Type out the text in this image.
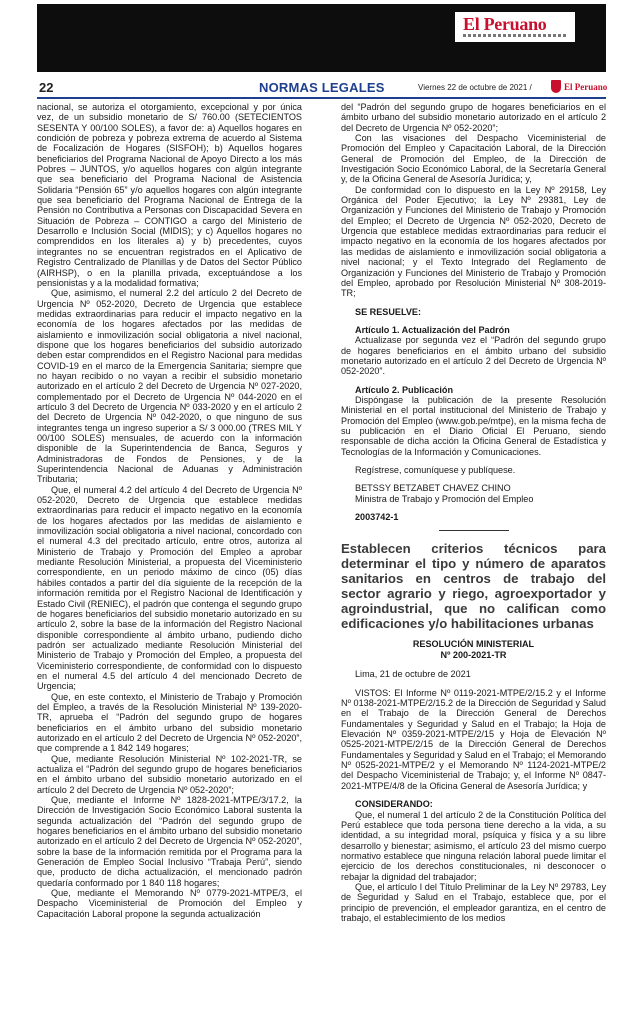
El Peruano
22	NORMAS LEGALES	Viernes 22 de octubre de 2021 /	El Peruano

nacional, se autoriza el otorgamiento, excepcional y por única vez, de un subsidio monetario de S/ 760.00 (SETECIENTOS SESENTA Y 00/100 SOLES), a favor de: a) Aquellos hogares en condición de pobreza y pobreza extrema de acuerdo al Sistema de Focalización de Hogares (SISFOH); b) Aquellos hogares beneficiarios del Programa Nacional de Apoyo Directo a los más Pobres – JUNTOS, y/o aquellos hogares con algún integrante que sea beneficiario del Programa Nacional de Asistencia Solidaria “Pensión 65” y/o aquellos hogares con algún integrante que sea beneficiario del Programa Nacional de Entrega de la Pensión no Contributiva a Personas con Discapacidad Severa en Situación de Pobreza – CONTIGO a cargo del Ministerio de Desarrollo e Inclusión Social (MIDIS); y c) Aquellos hogares no comprendidos en los literales a) y b) precedentes, cuyos integrantes no se encuentran registrados en el Aplicativo de Registro Centralizado de Planillas y de Datos del Sector Público (AIRHSP), o en la planilla privada, exceptuándose a los pensionistas y a la modalidad formativa;

Que, asimismo, el numeral 2.2 del artículo 2 del Decreto de Urgencia Nº 052-2020, Decreto de Urgencia que establece medidas extraordinarias para reducir el impacto negativo en la economía de los hogares afectados por las medidas de aislamiento e inmovilización social obligatoria a nivel nacional, dispone que los hogares beneficiarios del subsidio autorizado deben estar comprendidos en el Registro Nacional para medidas COVID-19 en el marco de la Emergencia Sanitaria; siempre que no hayan recibido o no vayan a recibir el subsidio monetario autorizado en el artículo 2 del Decreto de Urgencia Nº 027-2020, complementado por el Decreto de Urgencia Nº 044-2020 en el artículo 3 del Decreto de Urgencia Nº 033-2020 y en el artículo 2 del Decreto de Urgencia Nº 042-2020, o que ninguno de sus integrantes tenga un ingreso superior a S/ 3 000.00 (TRES MIL Y 00/100 SOLES) mensuales, de acuerdo con la información disponible de la Superintendencia de Banca, Seguros y Administradoras de Fondos de Pensiones, y de la Superintendencia Nacional de Aduanas y Administración Tributaria;

Que, el numeral 4.2 del artículo 4 del Decreto de Urgencia Nº 052-2020, Decreto de Urgencia que establece medidas extraordinarias para reducir el impacto negativo en la economía de los hogares afectados por las medidas de aislamiento e inmovilización social obligatoria a nivel nacional, concordado con el numeral 4.3 del precitado artículo, entre otros, autoriza al Ministerio de Trabajo y Promoción del Empleo a aprobar mediante Resolución Ministerial, a propuesta del Viceministerio correspondiente, en un periodo máximo de cinco (05) días hábiles contados a partir del día siguiente de la recepción de la información remitida por el Registro Nacional de Identificación y Estado Civil (RENIEC), el padrón que contenga el segundo grupo de hogares beneficiarios del subsidio monetario autorizado en su artículo 2, sobre la base de la información del Registro Nacional disponible correspondiente al ámbito urbano, pudiendo dicho padrón ser actualizado mediante Resolución Ministerial del Ministerio de Trabajo y Promoción del Empleo, a propuesta del Viceministerio correspondiente, de conformidad con lo dispuesto en el numeral 4.5 del artículo 4 del mencionado Decreto de Urgencia;

Que, en este contexto, el Ministerio de Trabajo y Promoción del Empleo, a través de la Resolución Ministerial Nº 139-2020-TR, aprueba el “Padrón del segundo grupo de hogares beneficiarios en el ámbito urbano del subsidio monetario autorizado en el artículo 2 del Decreto de Urgencia Nº 052-2020”, que comprende a 1 842 149 hogares;

Que, mediante Resolución Ministerial Nº 102-2021-TR, se actualiza el “Padrón del segundo grupo de hogares beneficiarios en el ámbito urbano del subsidio monetario autorizado en el artículo 2 del Decreto de Urgencia Nº 052-2020”;

Que, mediante el Informe Nº 1828-2021-MTPE/3/17.2, la Dirección de Investigación Socio Económico Laboral sustenta la segunda actualización del “Padrón del segundo grupo de hogares beneficiarios en el ámbito urbano del subsidio monetario autorizado en el artículo 2 del Decreto de Urgencia Nº 052-2020”, sobre la base de la información remitida por el Programa para la Generación de Empleo Social Inclusivo “Trabaja Perú”, siendo que, producto de dicha actualización, el mencionado padrón quedaría conformado por 1 840 118 hogares;

Que, mediante el Memorando Nº 0779-2021-MTPE/3, el Despacho Viceministerial de Promoción del Empleo y Capacitación Laboral propone la segunda actualización

del “Padrón del segundo grupo de hogares beneficiarios en el ámbito urbano del subsidio monetario autorizado en el artículo 2 del Decreto de Urgencia Nº 052-2020”;

Con las visaciones del Despacho Viceministerial de Promoción del Empleo y Capacitación Laboral, de la Dirección General de Promoción del Empleo, de la Dirección de Investigación Socio Económico Laboral, de la Secretaría General y, de la Oficina General de Asesoría Jurídica; y,

De conformidad con lo dispuesto en la Ley Nº 29158, Ley Orgánica del Poder Ejecutivo; la Ley Nº 29381, Ley de Organización y Funciones del Ministerio de Trabajo y Promoción del Empleo; el Decreto de Urgencia Nº 052-2020, Decreto de Urgencia que establece medidas extraordinarias para reducir el impacto negativo en la economía de los hogares afectados por las medidas de aislamiento e inmovilización social obligatoria a nivel nacional; y el Texto Integrado del Reglamento de Organización y Funciones del Ministerio de Trabajo y Promoción del Empleo, aprobado por Resolución Ministerial Nº 308-2019-TR;

SE RESUELVE:

Artículo 1. Actualización del Padrón

Actualizase por segunda vez el “Padrón del segundo grupo de hogares beneficiarios en el ámbito urbano del subsidio monetario autorizado en el artículo 2 del Decreto de Urgencia Nº 052-2020”.

Artículo 2. Publicación

Dispóngase la publicación de la presente Resolución Ministerial en el portal institucional del Ministerio de Trabajo y Promoción del Empleo (www.gob.pe/mtpe), en la misma fecha de su publicación en el Diario Oficial El Peruano, siendo responsable de dicha acción la Oficina General de Estadística y Tecnologías de la Información y Comunicaciones.

Regístrese, comuníquese y publíquese.

BETSSY BETZABET CHAVEZ CHINO

Ministra de Trabajo y Promoción del Empleo

2003742-1

Establecen criterios técnicos para determinar el tipo y número de aparatos sanitarios en centros de trabajo del sector agrario y riego, agroexportador y agroindustrial, que no califican como edificaciones y/o habilitaciones urbanas

RESOLUCIÓN MINISTERIAL

Nº 200-2021-TR

Lima, 21 de octubre de 2021

VISTOS: El Informe Nº 0119-2021-MTPE/2/15.2 y el Informe Nº 0138-2021-MTPE/2/15.2 de la Dirección de Seguridad y Salud en el Trabajo de la Dirección General de Derechos Fundamentales y Seguridad y Salud en el Trabajo; la Hoja de Elevación Nº 0359-2021-MTPE/2/15 y Hoja de Elevación Nº 0525-2021-MTPE/2/15 de la Dirección General de Derechos Fundamentales y Seguridad y Salud en el Trabajo; el Memorando Nº 0525-2021-MTPE/2 y el Memorando Nº 1124-2021-MTPE/2 del Despacho Viceministerial de Trabajo; y, el Informe Nº 0847-2021-MTPE/4/8 de la Oficina General de Asesoría Jurídica; y

CONSIDERANDO:

Que, el numeral 1 del artículo 2 de la Constitución Política del Perú establece que toda persona tiene derecho a la vida, a su identidad, a su integridad moral, psíquica y física y a su libre desarrollo y bienestar; asimismo, el artículo 23 del mismo cuerpo normativo establece que ninguna relación laboral puede limitar el ejercicio de los derechos constitucionales, ni desconocer o rebajar la dignidad del trabajador;

Que, el artículo I del Título Preliminar de la Ley Nº 29783, Ley de Seguridad y Salud en el Trabajo, establece que, por el principio de prevención, el empleador garantiza, en el centro de trabajo, el establecimiento de los medios
